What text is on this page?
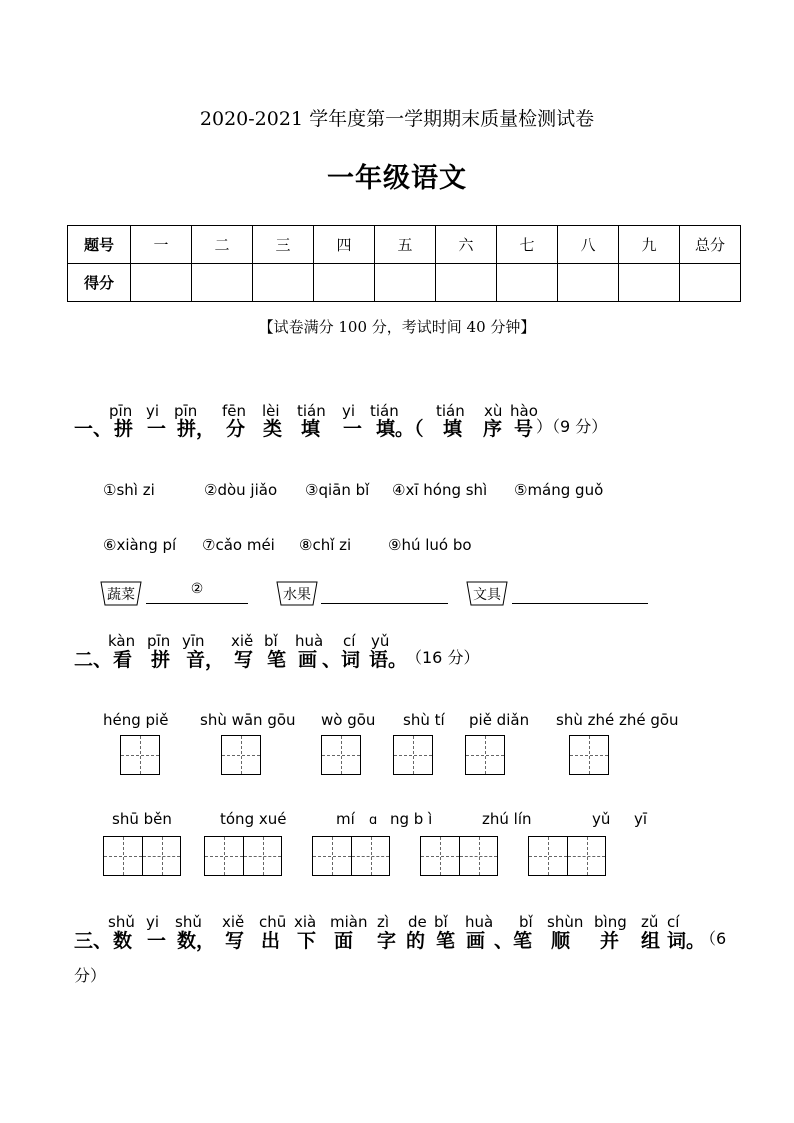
2020-2021 学年度第一学期期末质量检测试卷
一年级语文
题号	一	二	三	四	五	六	七	八	九	总分
得分										
【试卷满分 100 分，考试时间 40 分钟】
pīn yi pīn fēn lèi tián yi tián tián xù hào
一、 拼 一 拼， 分 类 填 一 填。（ 填 序 号 ）（9 分）
①shì zi	②dòu jiǎo ③qiān bǐ ④xī hóng shì ⑤máng guǒ
⑥xiàng pí ⑦cǎo méi ⑧chǐ zi ⑨hú luó bo
蔬菜	②	水果	文具
kàn pīn yīn xiě bǐ huà cí yǔ
二、 看 拼 音， 写 笔 画 、词 语。
（16 分）
héng piě shù wān gōu wò gōu shù tí piě diǎn shù zhé zhé gōu
shū běn	tóng xué	mí ɑ ng b ì	zhú lín	yǔ yī
shǔ yi shǔ xiě chū xià miàn zì de bǐ huà bǐ shùn bìng zǔ cí
三、 数 一 数， 写 出 下 面 字 的 笔 画 、笔 顺 并 组 词。
（6
分）
